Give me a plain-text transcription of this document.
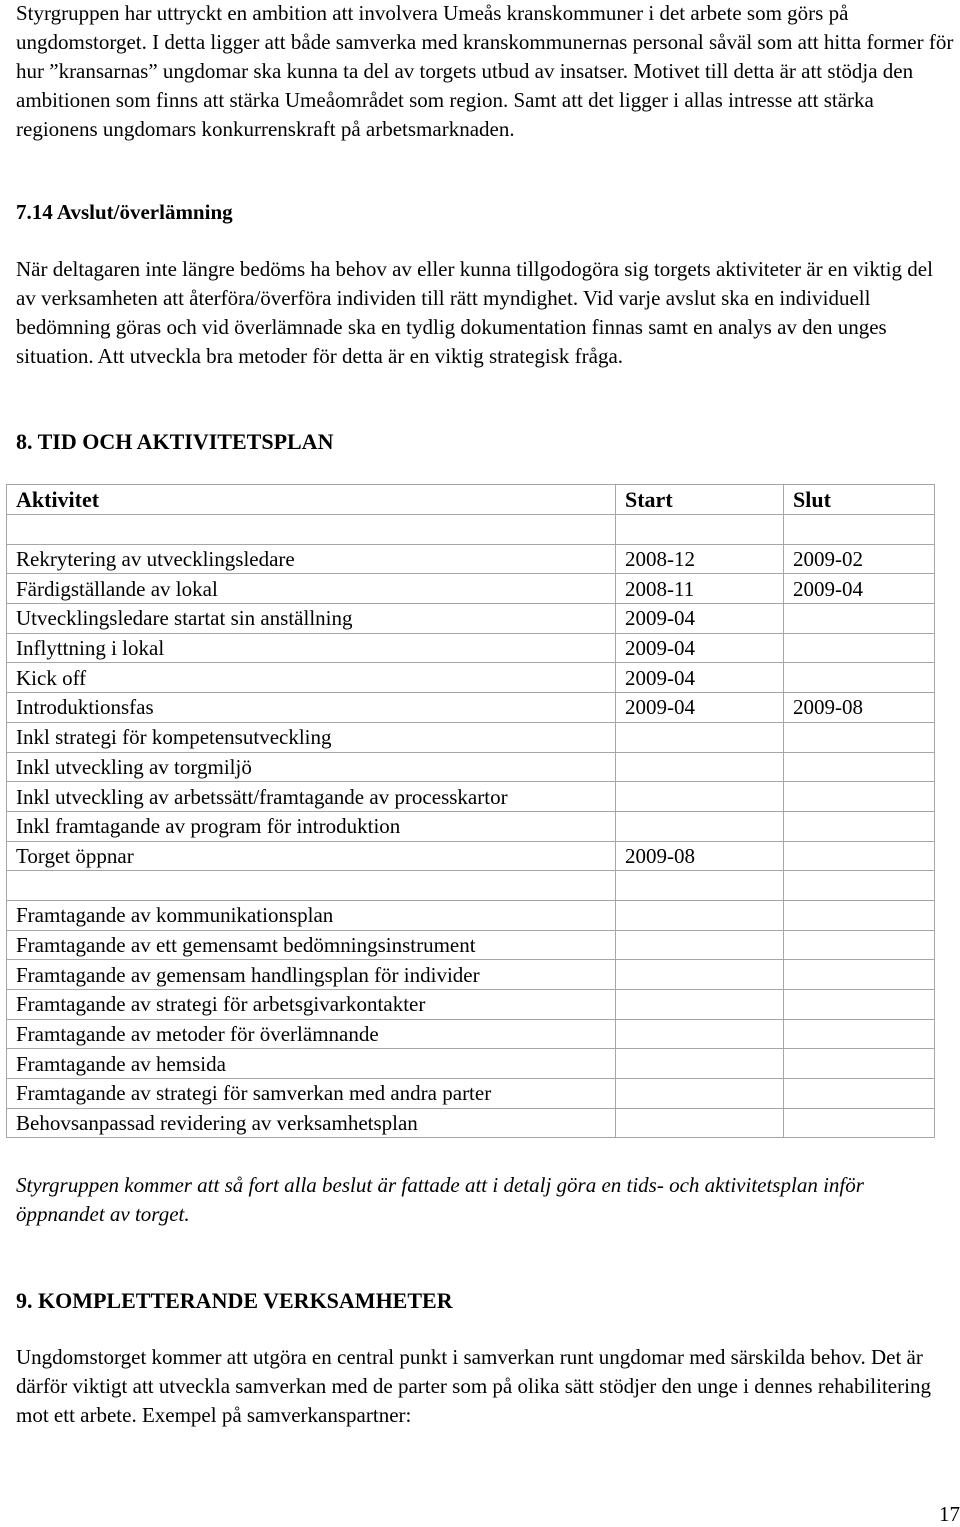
Styrgruppen har uttryckt en ambition att involvera Umeås kranskommuner i det arbete som görs på ungdomstorget. I detta ligger att både samverka med kranskommunernas personal såväl som att hitta former för hur ”kransarnas” ungdomar ska kunna ta del av torgets utbud av insatser. Motivet till detta är att stödja den ambitionen som finns att stärka Umeåområdet som region. Samt att det ligger i allas intresse att stärka regionens ungdomars konkurrenskraft på arbetsmarknaden.

7.14 Avslut/överlämning

När deltagaren inte längre bedöms ha behov av eller kunna tillgodogöra sig torgets aktiviteter är en viktig del av verksamheten att återföra/överföra individen till rätt myndighet. Vid varje avslut ska en individuell bedömning göras och vid överlämnade ska en tydlig dokumentation finnas samt en analys av den unges situation. Att utveckla bra metoder för detta är en viktig strategisk fråga.

8. TID OCH AKTIVITETSPLAN
Aktivitet	Start	Slut

Rekrytering av utvecklingsledare	2008-12	2009-02
Färdigställande av lokal	2008-11	2009-04
Utvecklingsledare startat sin anställning	2009-04	
Inflyttning i lokal	2009-04	
Kick off	2009-04	
Introduktionsfas	2009-04	2009-08
Inkl strategi för kompetensutveckling		
Inkl utveckling av torgmiljö		
Inkl utveckling av arbetssätt/framtagande av processkartor		
Inkl framtagande av program för introduktion		
Torget öppnar	2009-08	

Framtagande av kommunikationsplan		
Framtagande av ett gemensamt bedömningsinstrument		
Framtagande av gemensam handlingsplan för individer		
Framtagande av strategi för arbetsgivarkontakter		
Framtagande av metoder för överlämnande		
Framtagande av hemsida		
Framtagande av strategi för samverkan med andra parter		
Behovsanpassad revidering av verksamhetsplan		

Styrgruppen kommer att så fort alla beslut är fattade att i detalj göra en tids- och aktivitetsplan inför öppnandet av torget.

9. KOMPLETTERANDE VERKSAMHETER

Ungdomstorget kommer att utgöra en central punkt i samverkan runt ungdomar med särskilda behov. Det är därför viktigt att utveckla samverkan med de parter som på olika sätt stödjer den unge i dennes rehabilitering mot ett arbete. Exempel på samverkanspartner:

17
